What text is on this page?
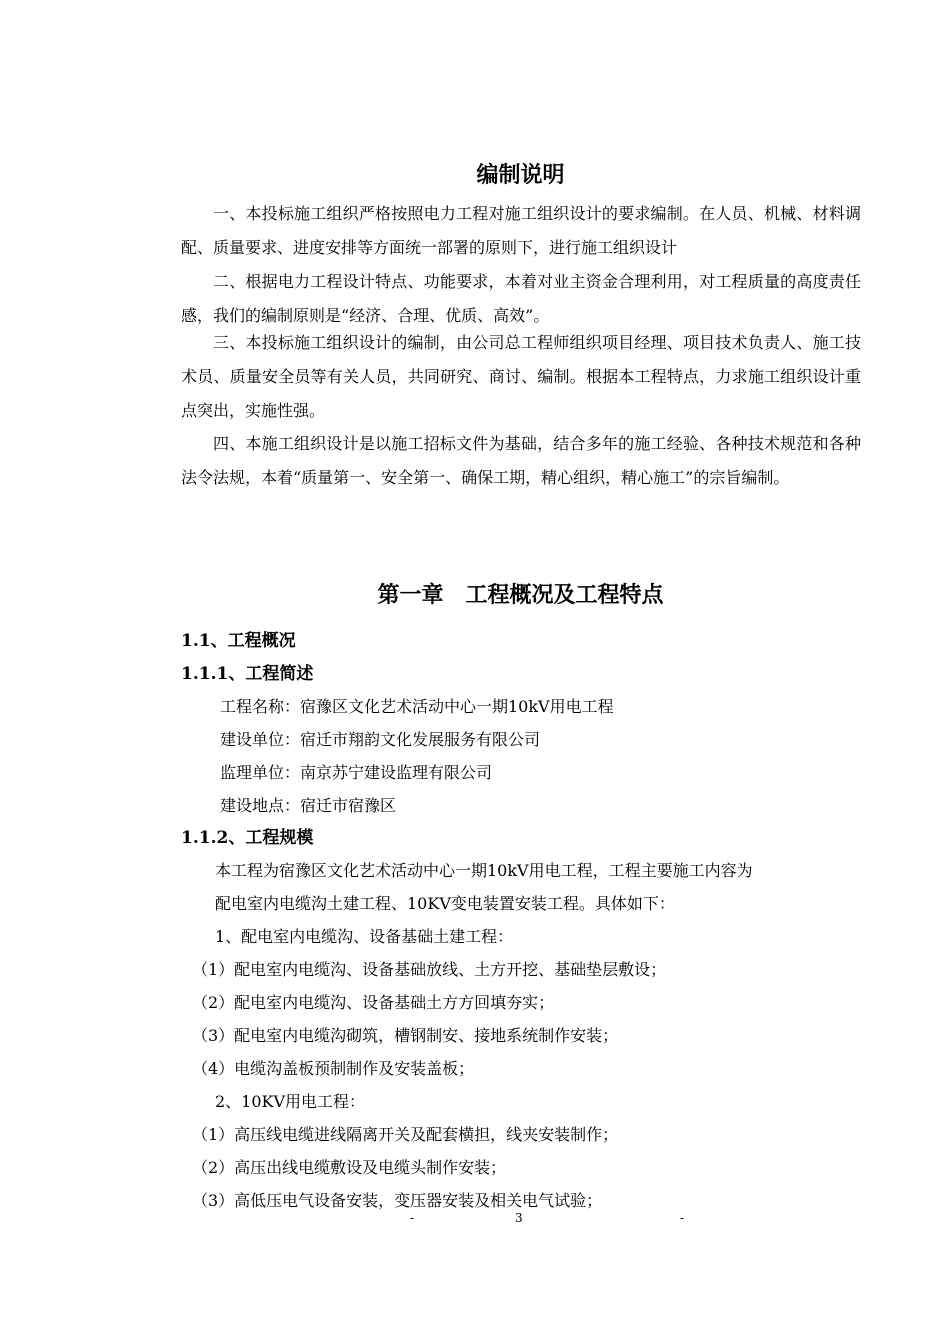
编制说明
一、本投标施工组织严格按照电力工程对施工组织设计的要求编制。在人员、机械、材料调配、质量要求、进度安排等方面统一部署的原则下，进行施工组织设计
二、根据电力工程设计特点、功能要求，本着对业主资金合理利用，对工程质量的高度责任感，我们的编制原则是“经济、合理、优质、高效”。
三、本投标施工组织设计的编制，由公司总工程师组织项目经理、项目技术负责人、施工技术员、质量安全员等有关人员，共同研究、商讨、编制。根据本工程特点，力求施工组织设计重点突出，实施性强。
四、本施工组织设计是以施工招标文件为基础，结合多年的施工经验、各种技术规范和各种法令法规，本着“质量第一、安全第一、确保工期，精心组织，精心施工”的宗旨编制。
第一章　工程概况及工程特点
1.1、工程概况
1.1.1、工程简述
工程名称：宿豫区文化艺术活动中心一期10kV用电工程
建设单位：宿迁市翔韵文化发展服务有限公司
监理单位：南京苏宁建设监理有限公司
建设地点：宿迁市宿豫区
1.1.2、工程规模
本工程为宿豫区文化艺术活动中心一期10kV用电工程，工程主要施工内容为
配电室内电缆沟土建工程、10KV变电装置安装工程。具体如下：
1、配电室内电缆沟、设备基础土建工程：
（1）配电室内电缆沟、设备基础放线、土方开挖、基础垫层敷设；
（2）配电室内电缆沟、设备基础土方方回填夯实；
（3）配电室内电缆沟砌筑，槽钢制安、接地系统制作安装；
（4）电缆沟盖板预制制作及安装盖板；
2、10KV用电工程：
（1）高压线电缆进线隔离开关及配套横担，线夹安装制作；
（2）高压出线电缆敷设及电缆头制作安装；
（3）高低压电气设备安装，变压器安装及相关电气试验；
-	3	-
